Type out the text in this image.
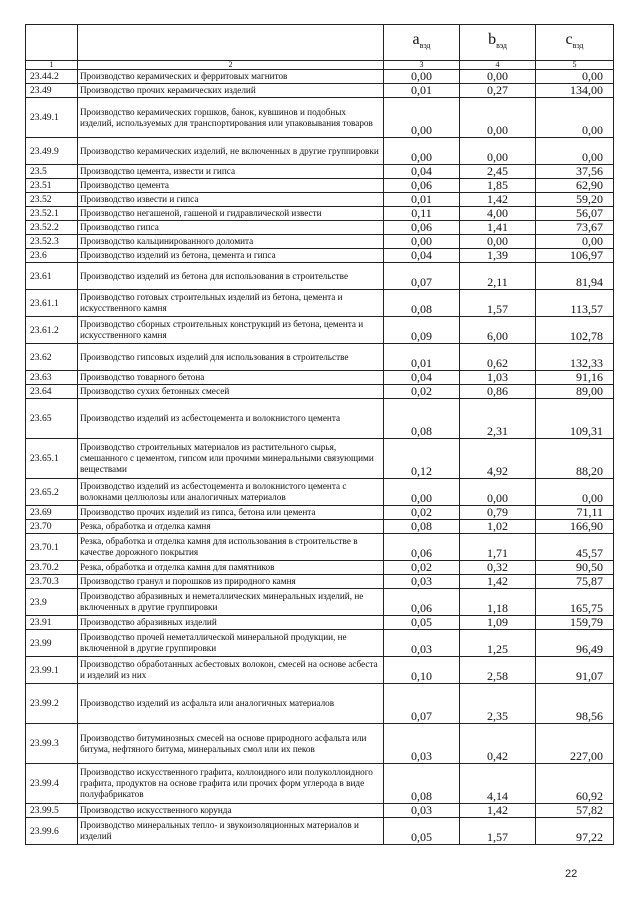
		$a_{вэд}$	$b_{вэд}$	$c_{вэд}$
1	2	3	4	5
23.44.2	Производство керамических и ферритовых магнитов	0,00	0,00	0,00
23.49	Производство прочих керамических изделий	0,01	0,27	134,00
23.49.1	Производство керамических горшков, банок, кувшинов и подобных изделий, используемых для транспортирования или упаковывания товаров	0,00	0,00	0,00
23.49.9	Производство керамических изделий, не включенных в другие группировки	0,00	0,00	0,00
23.5	Производство цемента, извести и гипса	0,04	2,45	37,56
23.51	Производство цемента	0,06	1,85	62,90
23.52	Производство извести и гипса	0,01	1,42	59,20
23.52.1	Производство негашеной, гашеной и гидравлической извести	0,11	4,00	56,07
23.52.2	Производство гипса	0,06	1,41	73,67
23.52.3	Производство кальцинированного доломита	0,00	0,00	0,00
23.6	Производство изделий из бетона, цемента и гипса	0,04	1,39	106,97
23.61	Производство изделий из бетона для использования в строительстве	0,07	2,11	81,94
23.61.1	Производство готовых строительных изделий из бетона, цемента и искусственного камня	0,08	1,57	113,57
23.61.2	Производство сборных строительных конструкций из бетона, цемента и искусственного камня	0,09	6,00	102,78
23.62	Производство гипсовых изделий для использования в строительстве	0,01	0,62	132,33
23.63	Производство товарного бетона	0,04	1,03	91,16
23.64	Производство сухих бетонных смесей	0,02	0,86	89,00
23.65	Производство изделий из асбестоцемента и волокнистого цемента	0,08	2,31	109,31
23.65.1	Производство строительных материалов из растительного сырья, смешанного с цементом, гипсом или прочими минеральными связующими веществами	0,12	4,92	88,20
23.65.2	Производство изделий из асбестоцемента и волокнистого цемента с волокнами целлюлозы или аналогичных материалов	0,00	0,00	0,00
23.69	Производство прочих изделий из гипса, бетона или цемента	0,02	0,79	71,11
23.70	Резка, обработка и отделка камня	0,08	1,02	166,90
23.70.1	Резка, обработка и отделка камня для использования в строительстве в качестве дорожного покрытия	0,06	1,71	45,57
23.70.2	Резка, обработка и отделка камня для памятников	0,02	0,32	90,50
23.70.3	Производство гранул и порошков из природного камня	0,03	1,42	75,87
23.9	Производство абразивных и неметаллических минеральных изделий, не включенных в другие группировки	0,06	1,18	165,75
23.91	Производство абразивных изделий	0,05	1,09	159,79
23.99	Производство прочей неметаллической минеральной продукции, не включенной в другие группировки	0,03	1,25	96,49
23.99.1	Производство обработанных асбестовых волокон, смесей на основе асбеста и изделий из них	0,10	2,58	91,07
23.99.2	Производство изделий из асфальта или аналогичных материалов	0,07	2,35	98,56
23.99.3	Производство битуминозных смесей на основе природного асфальта или битума, нефтяного битума, минеральных смол или их пеков	0,03	0,42	227,00
23.99.4	Производство искусственного графита, коллоидного или полуколлоидного графита, продуктов на основе графита или прочих форм углерода в виде полуфабрикатов	0,08	4,14	60,92
23.99.5	Производство искусственного корунда	0,03	1,42	57,82
23.99.6	Производство минеральных тепло- и звукоизоляционных материалов и изделий	0,05	1,57	97,22
22
